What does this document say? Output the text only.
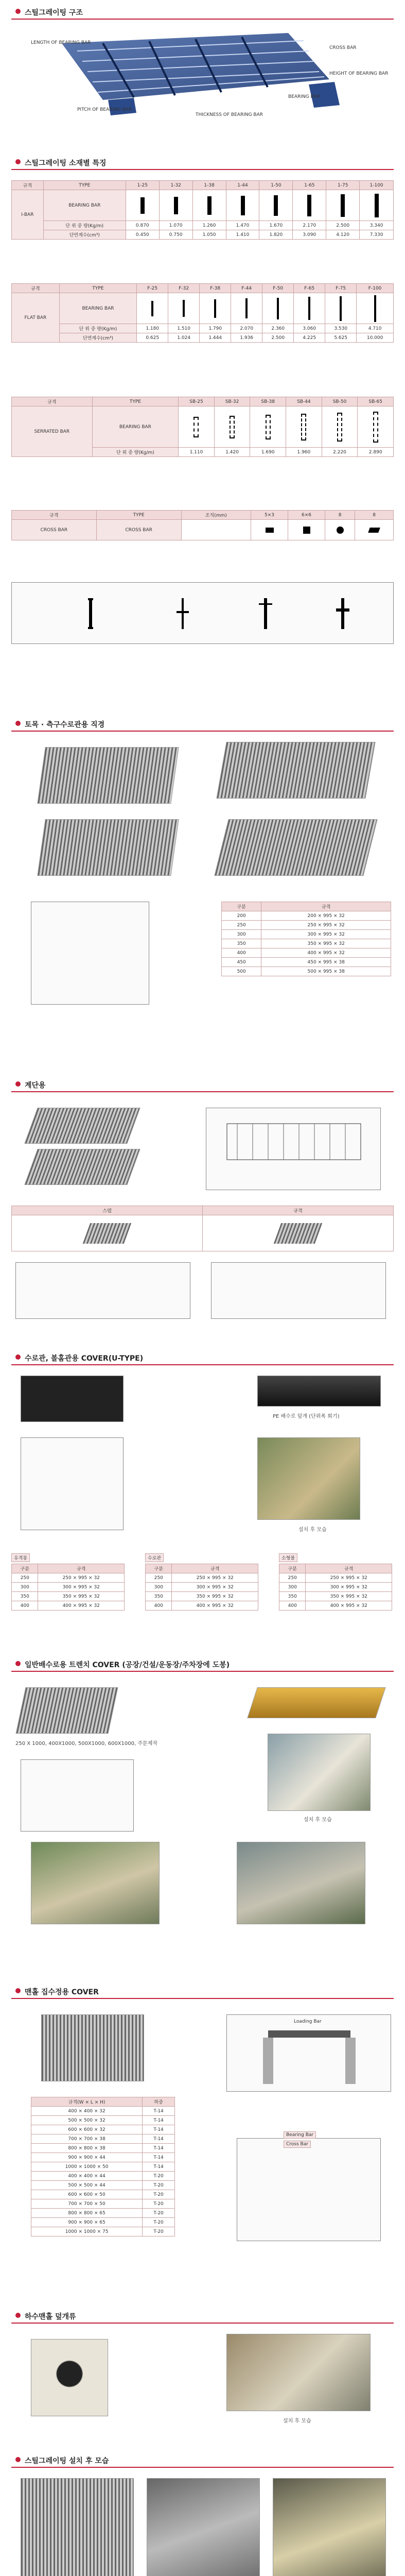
스틸그레이팅 구조
LENGTH OF BEARING BAR
PITCH OF BEARING BAR
CROSS BAR
BEARING BAR
THICKNESS OF BEARING BAR
HEIGHT OF BEARING BAR
스틸그레이팅 소재별 특징
규격	TYPE	1-25	1-32	1-38	1-44	1-50	1-65	1-75	1-100
I-BAR	BEARING BAR	

	단 위 중 량(Kg/m)	0.870	1.070	1.260	1.470	1.670	2.170	2.500	3.340
	단면계수(cm³)	0.450	0.750	1.050	1.410	1.820	3.090	4.120	7.330
규격	TYPE	F-25	F-32	F-38	F-44	F-50	F-65	F-75	F-100
FLAT BAR	BEARING BAR	

	단 위 중 량(Kg/m)	1.180	1.510	1.790	2.070	2.360	3.060	3.530	4.710
	단면계수(cm³)	0.625	1.024	1.444	1.936	2.500	4.225	5.625	10.000
규격	TYPE	SB-25	SB-32	SB-38	SB-44	SB-50	SB-65
SERRATED BAR	BEARING BAR	

	단 위 중 량(Kg/m)	1.110	1.420	1.690	1.960	2.220	2.890
규격	TYPE	조직(mm)	5×3	6×6	8	8
CROSS BAR	CROSS BAR		

토목 · 측구수로관용 직경
구분	규격
200	200 × 995 × 32
250	250 × 995 × 32
300	300 × 995 × 32
350	350 × 995 × 32
400	400 × 995 × 32
450	450 × 995 × 38
500	500 × 995 × 38
계단용
스텝	규격

수로관, 볼홈관용 COVER(U-TYPE)
PE 배수로 덮개 (단위폭 회기)
설치 후 모습
유격봉
구분	규격
250	250 × 995 × 32
300	300 × 995 × 32
350	350 × 995 × 32
400	400 × 995 × 32
수로관
구분	규격
250	250 × 995 × 32
300	300 × 995 × 32
350	350 × 995 × 32
400	400 × 995 × 32
소형볼
구분	규격
250	250 × 995 × 32
300	300 × 995 × 32
350	350 × 995 × 32
400	400 × 995 × 32
일반배수로용 트렌치 COVER (공장/건설/운동장/주차장에 도봉)
250 X 1000, 400X1000, 500X1000, 600X1000, 주문제작
설치 후 모습
맨홀 집수정용 COVER
Loading Bar
규격(W × L × H)	하중
400 × 400 × 32	T-14
500 × 500 × 32	T-14
600 × 600 × 32	T-14
700 × 700 × 38	T-14
800 × 800 × 38	T-14
900 × 900 × 44	T-14
1000 × 1000 × 50	T-14
400 × 400 × 44	T-20
500 × 500 × 44	T-20
600 × 600 × 50	T-20
700 × 700 × 50	T-20
800 × 800 × 65	T-20
900 × 900 × 65	T-20
1000 × 1000 × 75	T-20
Bearing Bar
Cross Bar
하수맨홀 덮개류
설치 후 모습
스틸그레이팅 설치 후 모습
